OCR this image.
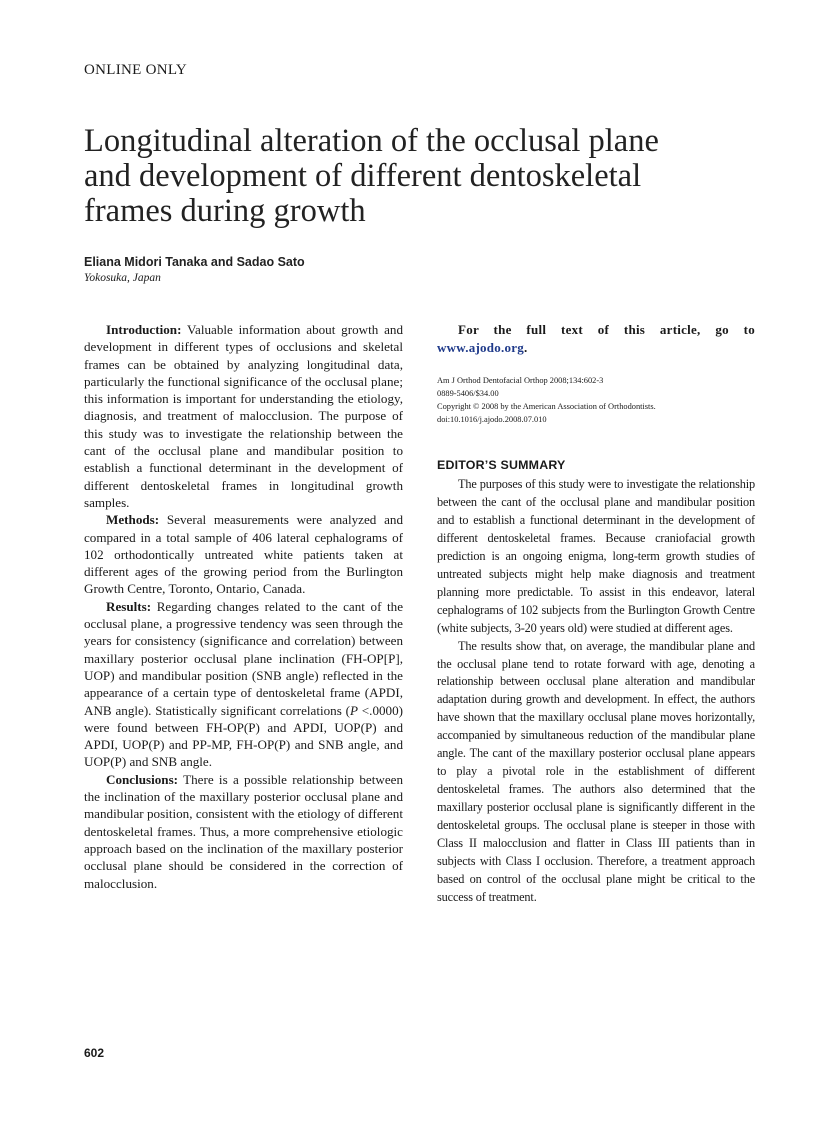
ONLINE ONLY
Longitudinal alteration of the occlusal plane
and development of different dentoskeletal
frames during growth
Eliana Midori Tanaka and Sadao Sato
Yokosuka, Japan

Introduction: Valuable information about growth and development in different types of occlusions and skeletal frames can be obtained by analyzing longitudinal data, particularly the functional significance of the occlusal plane; this information is important for understanding the etiology, diagnosis, and treatment of malocclusion. The purpose of this study was to investigate the relationship between the cant of the occlusal plane and mandibular position to establish a functional determinant in the development of different dentoskeletal frames in longitudinal growth samples.

Methods: Several measurements were analyzed and compared in a total sample of 406 lateral cephalograms of 102 orthodontically untreated white patients taken at different ages of the growing period from the Burlington Growth Centre, Toronto, Ontario, Canada.

Results: Regarding changes related to the cant of the occlusal plane, a progressive tendency was seen through the years for consistency (significance and correlation) between maxillary posterior occlusal plane inclination (FH-OP[P], UOP) and mandibular position (SNB angle) reflected in the appearance of a certain type of dentoskeletal frame (APDI, ANB angle). Statistically significant correlations (P <.0000) were found between FH-OP(P) and APDI, UOP(P) and APDI, UOP(P) and PP-MP, FH-OP(P) and SNB angle, and UOP(P) and SNB angle.

Conclusions: There is a possible relationship between the inclination of the maxillary posterior occlusal plane and mandibular position, consistent with the etiology of different dentoskeletal frames. Thus, a more comprehensive etiologic approach based on the inclination of the maxillary posterior occlusal plane should be considered in the correction of malocclusion.

For the full text of this article, go to www.ajodo.org.

Am J Orthod Dentofacial Orthop 2008;134:602-3
0889-5406/$34.00
Copyright © 2008 by the American Association of Orthodontists.
doi:10.1016/j.ajodo.2008.07.010
EDITOR’S SUMMARY

The purposes of this study were to investigate the relationship between the cant of the occlusal plane and mandibular position and to establish a functional determinant in the development of different dentoskeletal frames. Because craniofacial growth prediction is an ongoing enigma, long-term growth studies of untreated subjects might help make diagnosis and treatment planning more predictable. To assist in this endeavor, lateral cephalograms of 102 subjects from the Burlington Growth Centre (white subjects, 3-20 years old) were studied at different ages.

The results show that, on average, the mandibular plane and the occlusal plane tend to rotate forward with age, denoting a relationship between occlusal plane alteration and mandibular adaptation during growth and development. In effect, the authors have shown that the maxillary occlusal plane moves horizontally, accompanied by simultaneous reduction of the mandibular plane angle. The cant of the maxillary posterior occlusal plane appears to play a pivotal role in the establishment of different dentoskeletal frames. The authors also determined that the maxillary posterior occlusal plane is significantly different in the dentoskeletal groups. The occlusal plane is steeper in those with Class II malocclusion and flatter in Class III patients than in subjects with Class I occlusion. Therefore, a treatment approach based on control of the occlusal plane might be critical to the success of treatment.

602
